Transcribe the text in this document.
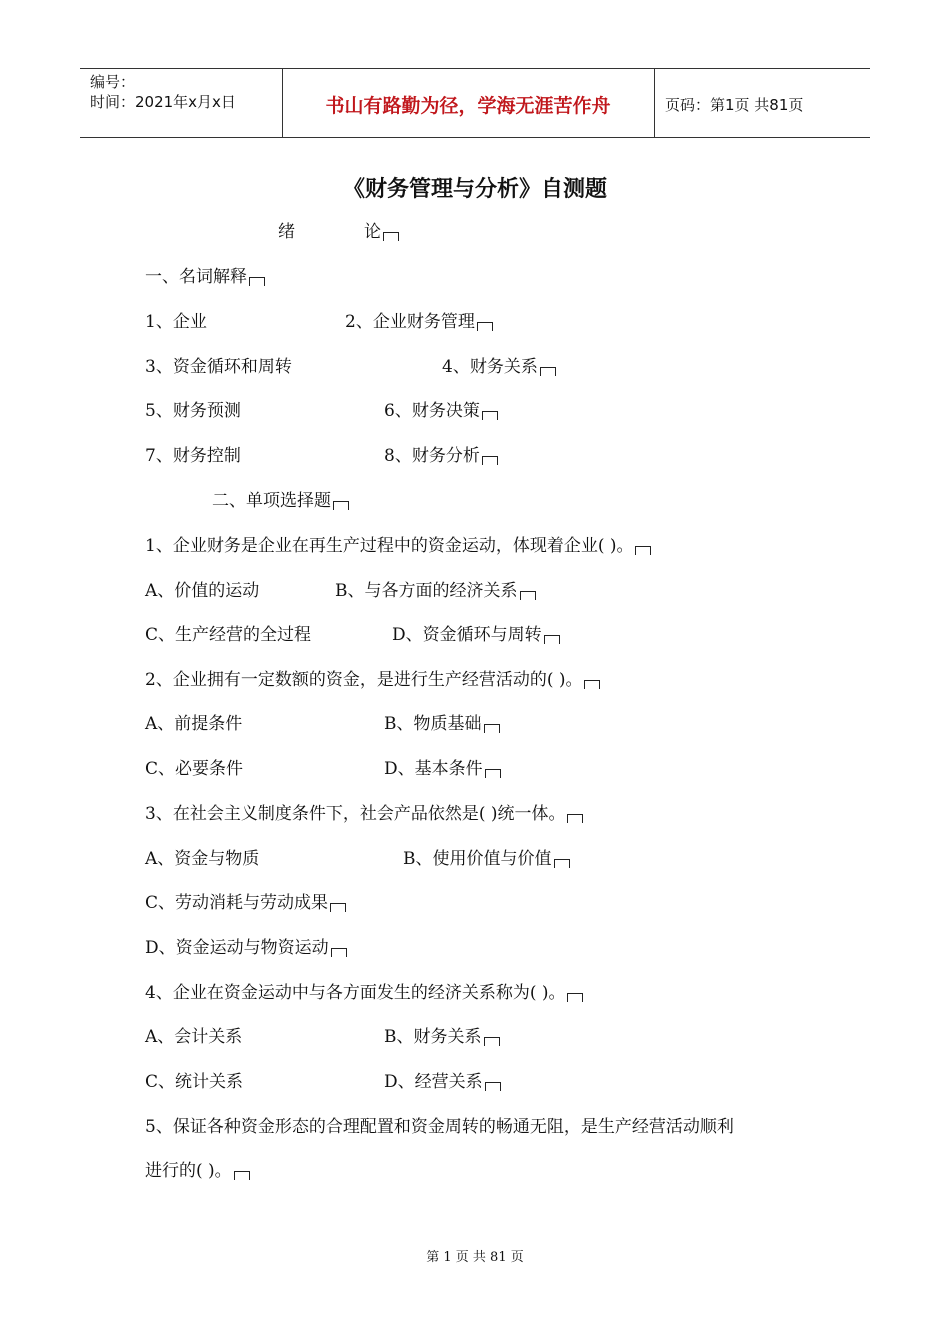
编号：
时间：2021年x月x日	书山有路勤为径，学海无涯苦作舟	页码：第1页 共81页
《财务管理与分析》自测题
绪	论
一、名词解释
1、企业	2、企业财务管理
3、资金循环和周转	4、财务关系
5、财务预测	6、财务决策
7、财务控制	8、财务分析
二、单项选择题
1、企业财务是企业在再生产过程中的资金运动，体现着企业( )。
A、价值的运动	B、与各方面的经济关系
C、生产经营的全过程	D、资金循环与周转
2、企业拥有一定数额的资金，是进行生产经营活动的( )。
A、前提条件	B、物质基础
C、必要条件	D、基本条件
3、在社会主义制度条件下，社会产品依然是( )统一体。
A、资金与物质	B、使用价值与价值
C、劳动消耗与劳动成果
D、资金运动与物资运动
4、企业在资金运动中与各方面发生的经济关系称为( )。
A、会计关系	B、财务关系
C、统计关系	D、经营关系
5、保证各种资金形态的合理配置和资金周转的畅通无阻，是生产经营活动顺利
进行的( )。
第 1 页 共 81 页
